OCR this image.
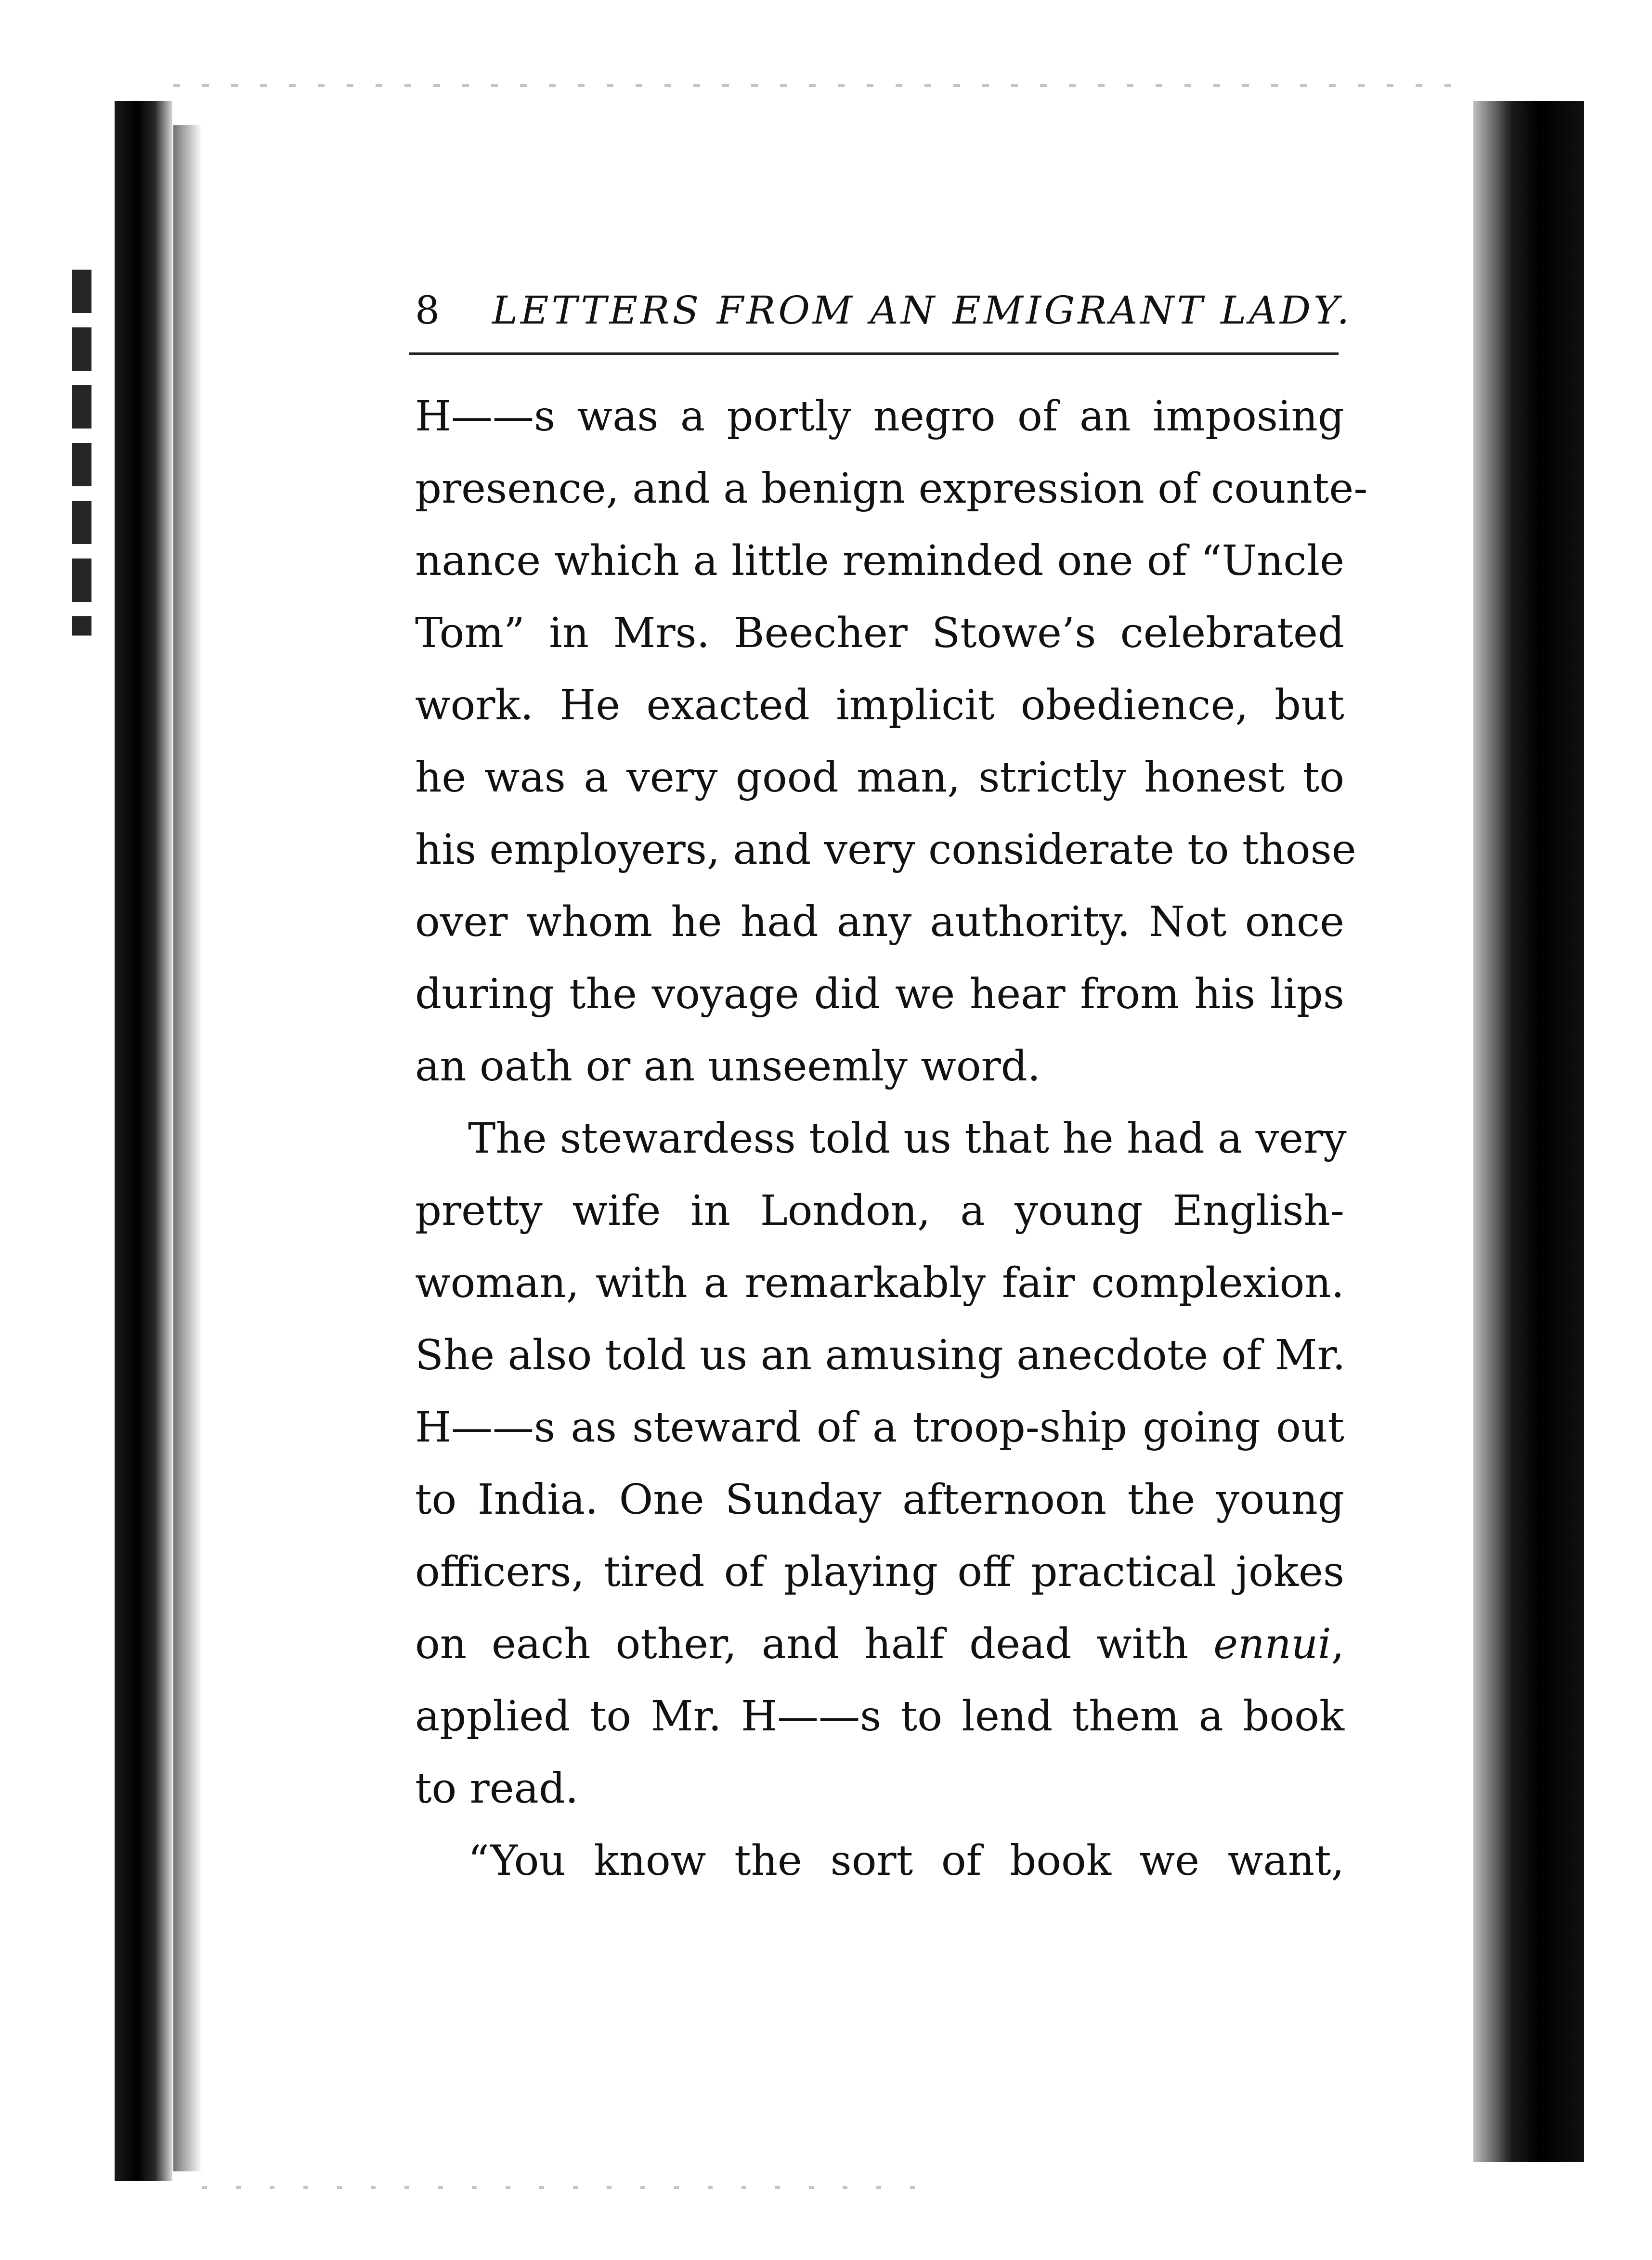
8 LETTERS FROM AN EMIGRANT LADY.
H——s was a portly negro of an imposing
presence, and a benign expression of counte-
nance which a little reminded one of “Uncle
Tom” in Mrs. Beecher Stowe’s celebrated
work. He exacted implicit obedience, but
he was a very good man, strictly honest to
his employers, and very considerate to those
over whom he had any authority. Not once
during the voyage did we hear from his lips
an oath or an unseemly word.
The stewardess told us that he had a very
pretty wife in London, a young English-
woman, with a remarkably fair complexion.
She also told us an amusing anecdote of Mr.
H——s as steward of a troop-ship going out
to India. One Sunday afternoon the young
officers, tired of playing off practical jokes
on each other, and half dead with ennui,
applied to Mr. H——s to lend them a book
to read.
“You know the sort of book we want,
